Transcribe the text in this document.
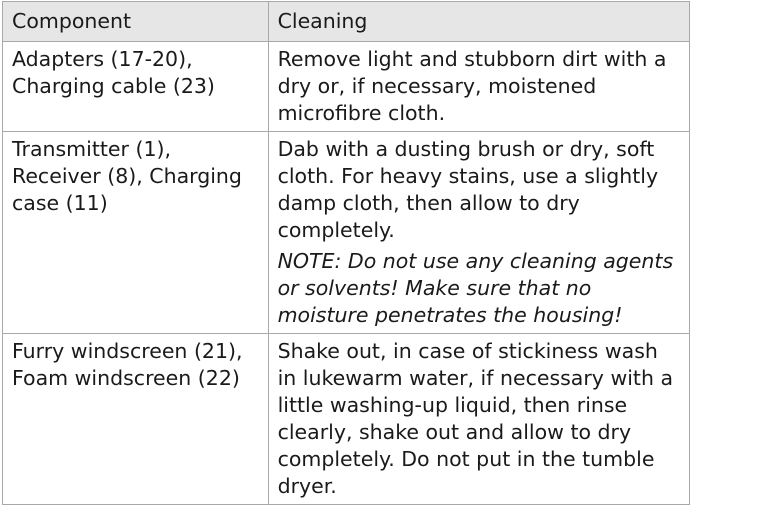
Component	Cleaning

Adapters (17-20), Charging cable (23)	Remove light and stubborn dirt with a dry or, if necessary, moistened microfibre cloth.

Transmitter (1), Receiver (8), Charging case (11)	Dab with a dusting brush or dry, soft cloth. For heavy stains, use a slightly damp cloth, then allow to dry completely.
NOTE: Do not use any cleaning agents or solvents! Make sure that no moisture penetrates the housing!

Furry windscreen (21), Foam windscreen (22)	Shake out, in case of stickiness wash in lukewarm water, if necessary with a little washing-up liquid, then rinse clearly, shake out and allow to dry completely. Do not put in the tumble dryer.
